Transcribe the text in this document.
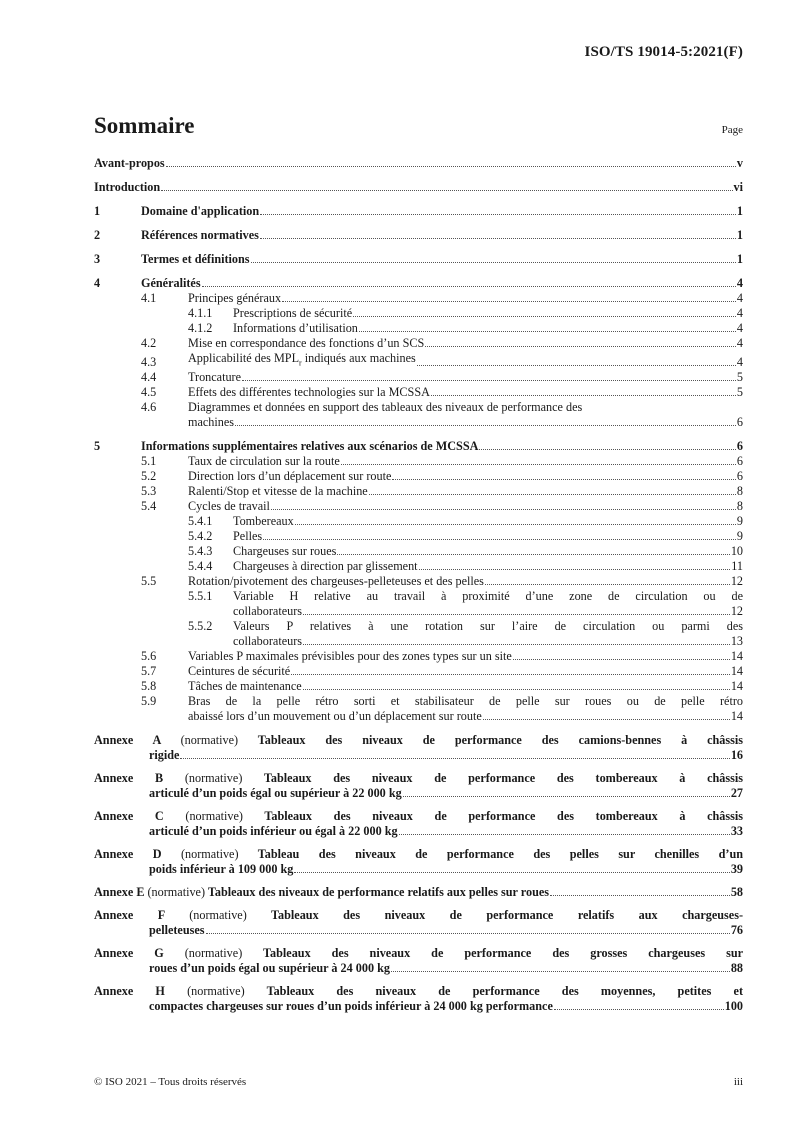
ISO/TS 19014-5:2021(F)
Sommaire	Page
Avant-propos	v
Introduction	vi
1	Domaine d'application	1
2	Références normatives	1
3	Termes et définitions	1
4	Généralités	4
4.1	Principes généraux	4
4.1.1	Prescriptions de sécurité	4
4.1.2	Informations d’utilisation	4
4.2	Mise en correspondance des fonctions d’un SCS	4
4.3	Applicabilité des $MPL_r$ indiqués aux machines	4
4.4	Troncature	5
4.5	Effets des différentes technologies sur la MCSSA	5
4.6	Diagrammes et données en support des tableaux des niveaux de performance des
machines	6
5	Informations supplémentaires relatives aux scénarios de MCSSA	6
5.1	Taux de circulation sur la route	6
5.2	Direction lors d’un déplacement sur route	6
5.3	Ralenti/Stop et vitesse de la machine	8
5.4	Cycles de travail	8
5.4.1	Tombereaux	9
5.4.2	Pelles	9
5.4.3	Chargeuses sur roues	10
5.4.4	Chargeuses à direction par glissement	11
5.5	Rotation/pivotement des chargeuses-pelleteuses et des pelles	12
5.5.1	Variable H relative au travail à proximité d’une zone de circulation ou de
collaborateurs	12
5.5.2	Valeurs P relatives à une rotation sur l’aire de circulation ou parmi des
collaborateurs	13
5.6	Variables P maximales prévisibles pour des zones types sur un site	14
5.7	Ceintures de sécurité	14
5.8	Tâches de maintenance	14
5.9	Bras de la pelle rétro sorti et stabilisateur de pelle sur roues ou de pelle rétro
abaissé lors d’un mouvement ou d’un déplacement sur route	14
Annexe A (normative) Tableaux des niveaux de performance des camions-bennes à châssis
rigide	16
Annexe B (normative) Tableaux des niveaux de performance des tombereaux à châssis
articulé d’un poids égal ou supérieur à 22 000 kg	27
Annexe C (normative) Tableaux des niveaux de performance des tombereaux à châssis
articulé d’un poids inférieur ou égal à 22 000 kg	33
Annexe D (normative) Tableau des niveaux de performance des pelles sur chenilles d’un
poids inférieur à 109 000 kg	39
Annexe E (normative) Tableaux des niveaux de performance relatifs aux pelles sur roues	58
Annexe F (normative) Tableaux des niveaux de performance relatifs aux chargeuses-
pelleteuses	76
Annexe G (normative) Tableaux des niveaux de performance des grosses chargeuses sur
roues d’un poids égal ou supérieur à 24 000 kg	88
Annexe H (normative) Tableaux des niveaux de performance des moyennes, petites et
compactes chargeuses sur roues d’un poids inférieur à 24 000 kg performance	100
© ISO 2021 – Tous droits réservés	iii
